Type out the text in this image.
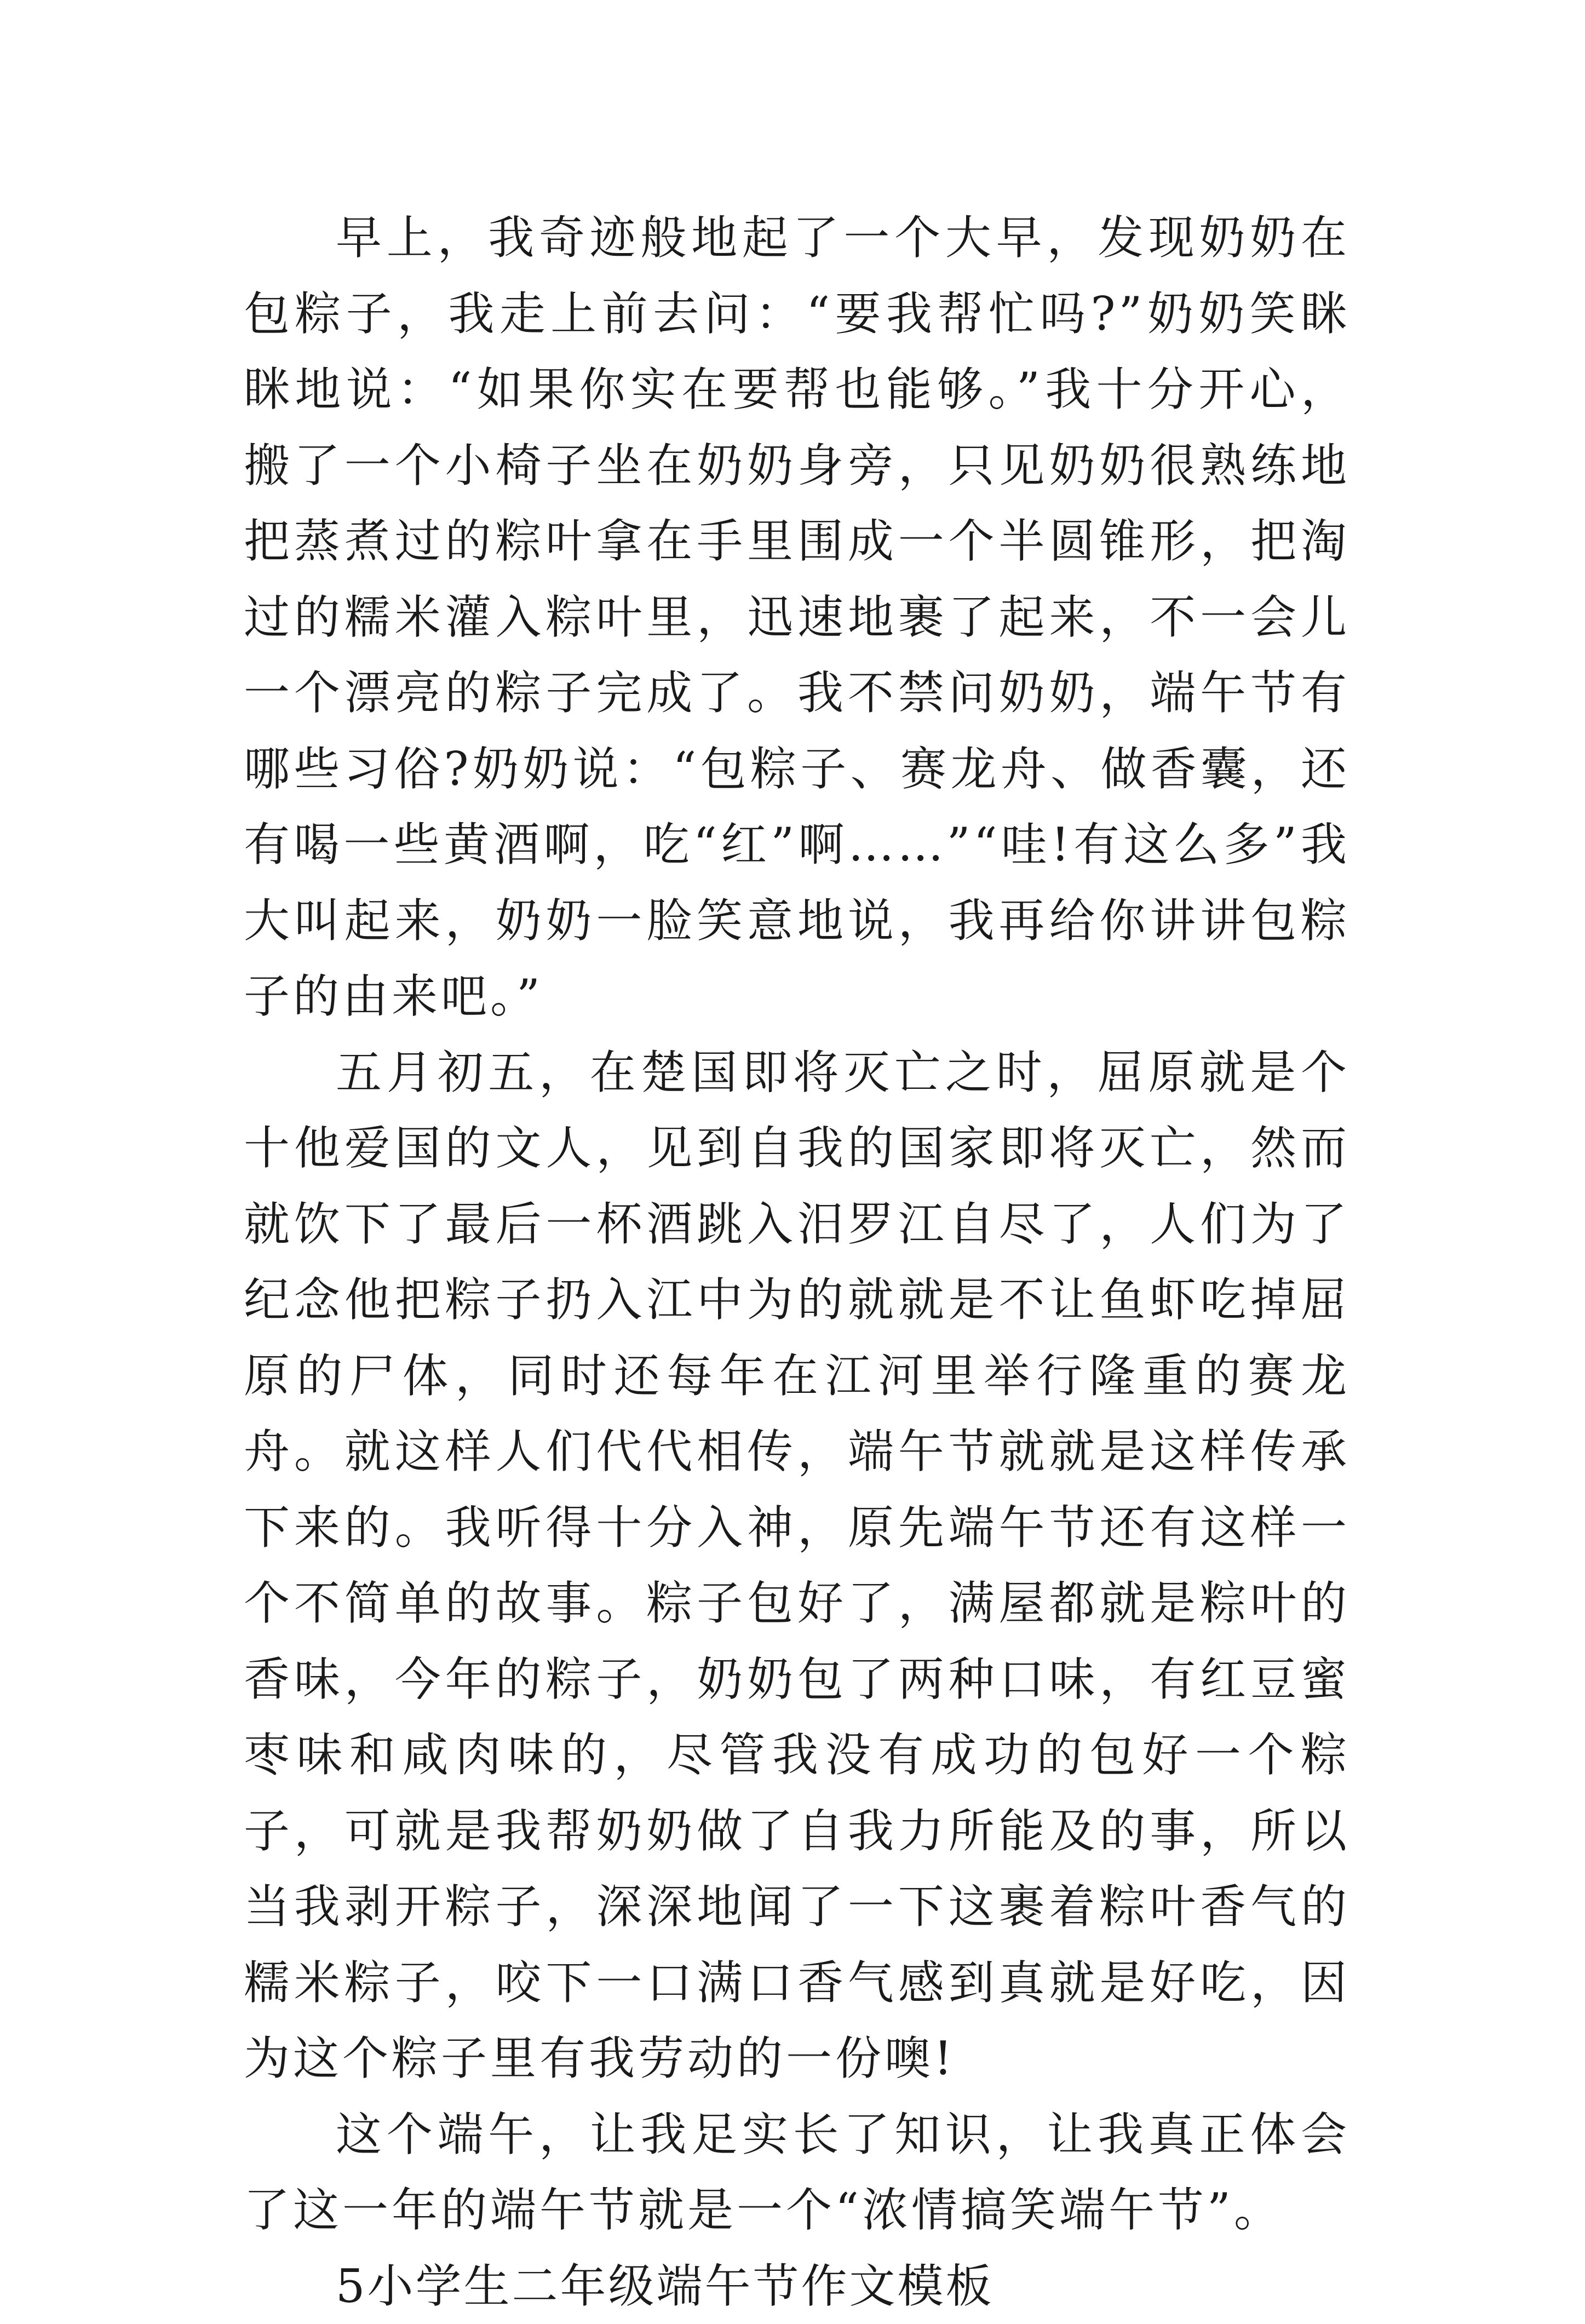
早上，我奇迹般地起了一个大早，发现奶奶在包粽子，我走上前去问：“要我帮忙吗?”奶奶笑眯眯地说：“如果你实在要帮也能够。”我十分开心，搬了一个小椅子坐在奶奶身旁，只见奶奶很熟练地把蒸煮过的粽叶拿在手里围成一个半圆锥形，把淘过的糯米灌入粽叶里，迅速地裹了起来，不一会儿一个漂亮的粽子完成了。我不禁问奶奶，端午节有哪些习俗?奶奶说：“包粽子、赛龙舟、做香囊，还有喝一些黄酒啊，吃“红”啊……”“哇!有这么多”我大叫起来，奶奶一脸笑意地说，我再给你讲讲包粽子的由来吧。”

五月初五，在楚国即将灭亡之时，屈原就是个十他爱国的文人，见到自我的国家即将灭亡，然而就饮下了最后一杯酒跳入汨罗江自尽了，人们为了纪念他把粽子扔入江中为的就就是不让鱼虾吃掉屈原的尸体，同时还每年在江河里举行隆重的赛龙舟。就这样人们代代相传，端午节就就是这样传承下来的。我听得十分入神，原先端午节还有这样一个不简单的故事。粽子包好了，满屋都就是粽叶的香味，今年的粽子，奶奶包了两种口味，有红豆蜜枣味和咸肉味的，尽管我没有成功的包好一个粽子，可就是我帮奶奶做了自我力所能及的事，所以当我剥开粽子，深深地闻了一下这裹着粽叶香气的糯米粽子，咬下一口满口香气感到真就是好吃，因为这个粽子里有我劳动的一份噢!

这个端午，让我足实长了知识，让我真正体会了这一年的端午节就是一个“浓情搞笑端午节”。

5小学生二年级端午节作文模板
